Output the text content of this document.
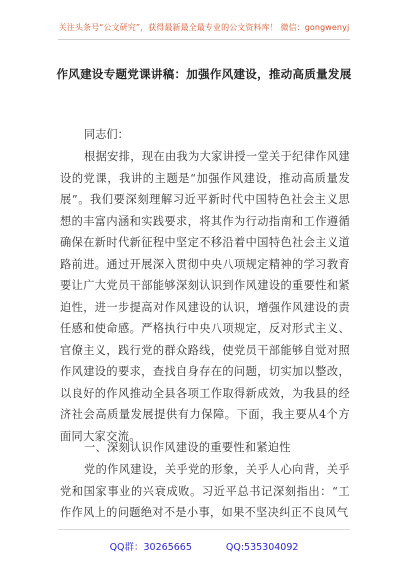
关注头条号“公文研究”，获得最新最全最专业的公文资料库！ 微信：gongwenyj
作风建设专题党课讲稿：加强作风建设，推动高质量发展
同志们：
根据安排，现在由我为大家讲授一堂关于纪律作风建设的党课，我讲的主题是“加强作风建设，推动高质量发展”。我们要深刻理解习近平新时代中国特色社会主义思想的丰富内涵和实践要求，将其作为行动指南和工作遵循确保在新时代新征程中坚定不移沿着中国特色社会主义道路前进。通过开展深入贯彻中央八项规定精神的学习教育要让广大党员干部能够深刻认识到作风建设的重要性和紧迫性，进一步提高对作风建设的认识，增强作风建设的责任感和使命感。严格执行中央八项规定，反对形式主义、官僚主义，践行党的群众路线，使党员干部能够自觉对照作风建设的要求，查找自身存在的问题，切实加以整改，以良好的作风推动全县各项工作取得新成效，为我县的经济社会高质量发展提供有力保障。下面，我主要从4个方面同大家交流。
一、深刻认识作风建设的重要性和紧迫性
党的作风建设，关乎党的形象，关乎人心向背，关乎党和国家事业的兴衰成败。习近平总书记深刻指出：“工作作风上的问题绝对不是小事，如果不坚决纠正不良风气
QQ群：30265665	QQ:535304092
